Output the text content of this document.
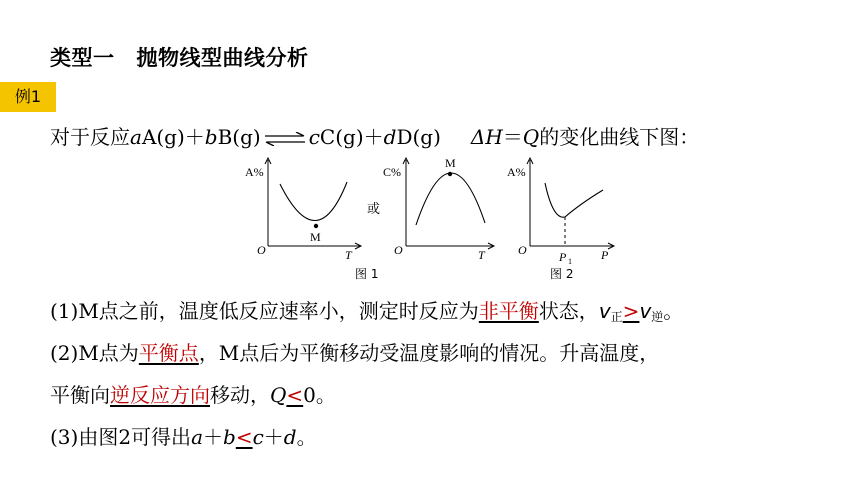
类型一 抛物线型曲线分析
例1
对于反应aA(g)＋bB(g) ⇌ cC(g)＋dD(g) ΔH＝Q的变化曲线下图：
A%
O	T
M
或
C%
O	T
M
图 1
A%
O	P
P 1
图 2
(1)M点之前，温度低反应速率小，测定时反应为非平衡状态，$v_正>v_逆$。
(2)M点为平衡点，M点后为平衡移动受温度影响的情况。升高温度，
平衡向逆反应方向移动，Q<0。
(3)由图2可得出a＋b<c＋d。
